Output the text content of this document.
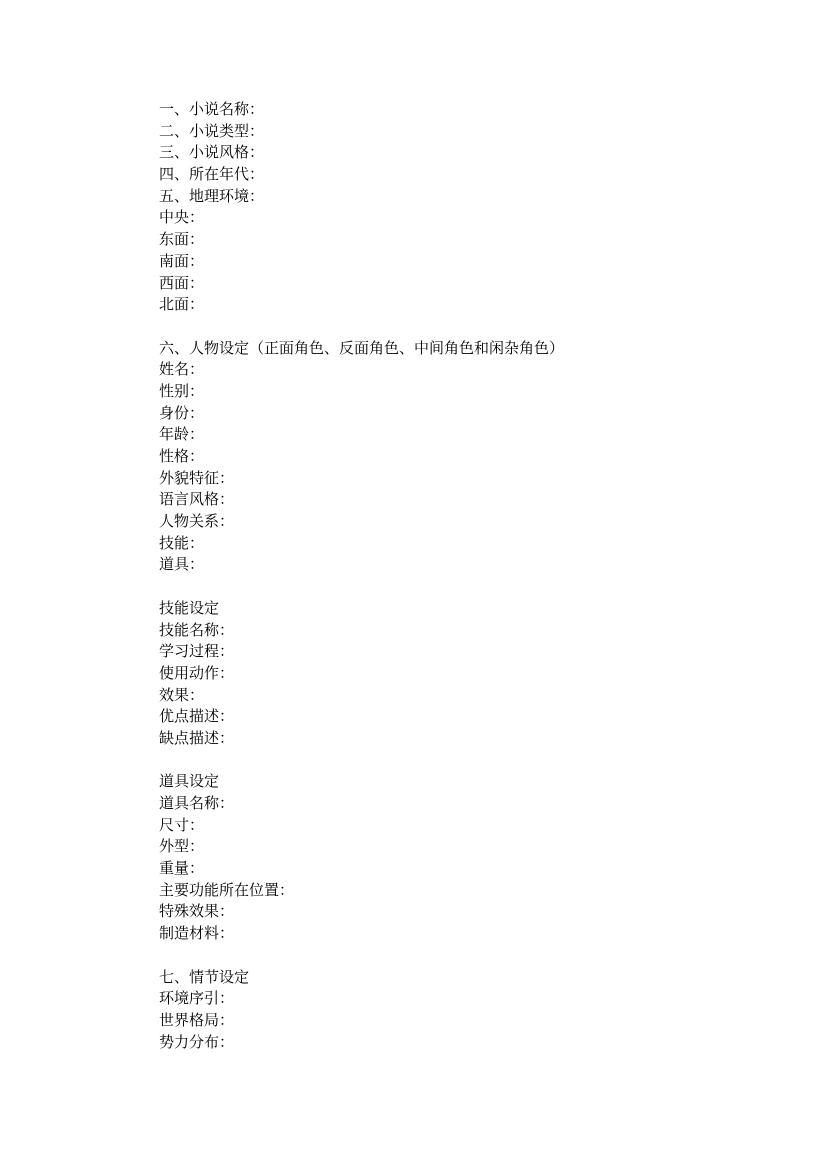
一、小说名称：
二、小说类型：
三、小说风格：
四、所在年代：
五、地理环境：
中央：
东面：
南面：
西面：
北面：
六、人物设定（正面角色、反面角色、中间角色和闲杂角色）
姓名：
性别：
身份：
年龄：
性格：
外貌特征：
语言风格：
人物关系：
技能：
道具：
技能设定
技能名称：
学习过程：
使用动作：
效果：
优点描述：
缺点描述：
道具设定
道具名称：
尺寸：
外型：
重量：
主要功能所在位置：
特殊效果：
制造材料：
七、情节设定
环境序引：
世界格局：
势力分布：
